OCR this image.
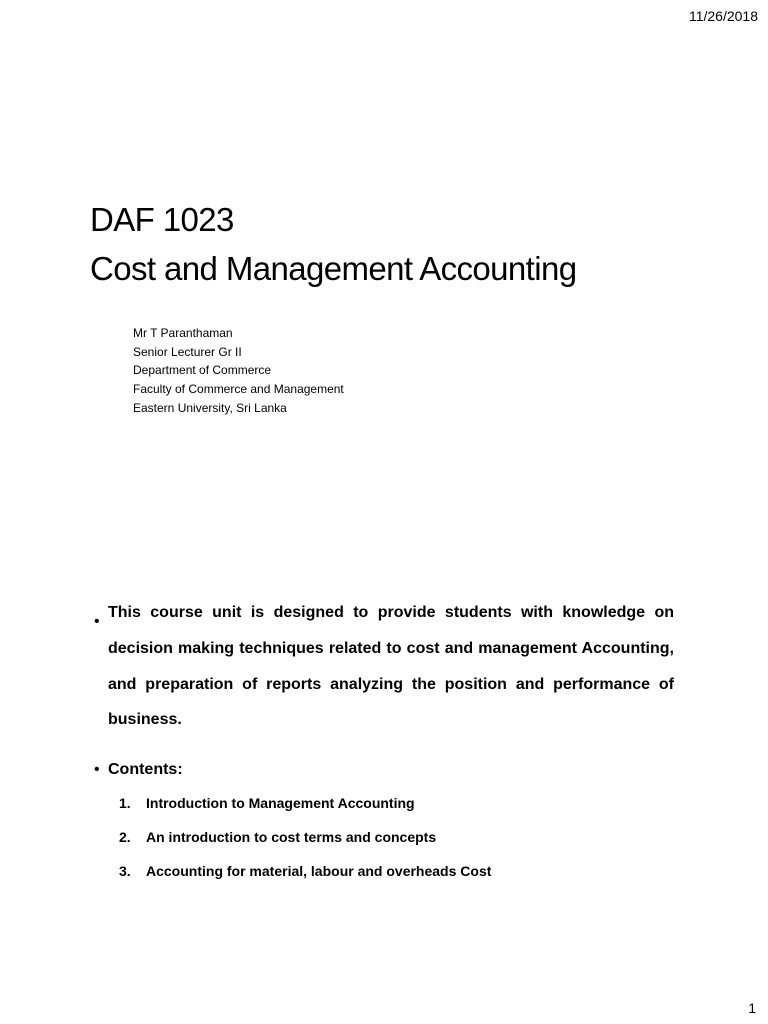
11/26/2018
DAF 1023
Cost and Management Accounting
Mr T Paranthaman
Senior Lecturer Gr II
Department of Commerce
Faculty of Commerce and Management
Eastern University, Sri Lanka
•
This course unit is designed to provide students with knowledge on decision making techniques related to cost and management Accounting, and preparation of reports analyzing the position and performance of business.
• Contents:
1. Introduction to Management Accounting
2. An introduction to cost terms and concepts
3. Accounting for material, labour and overheads Cost
1
